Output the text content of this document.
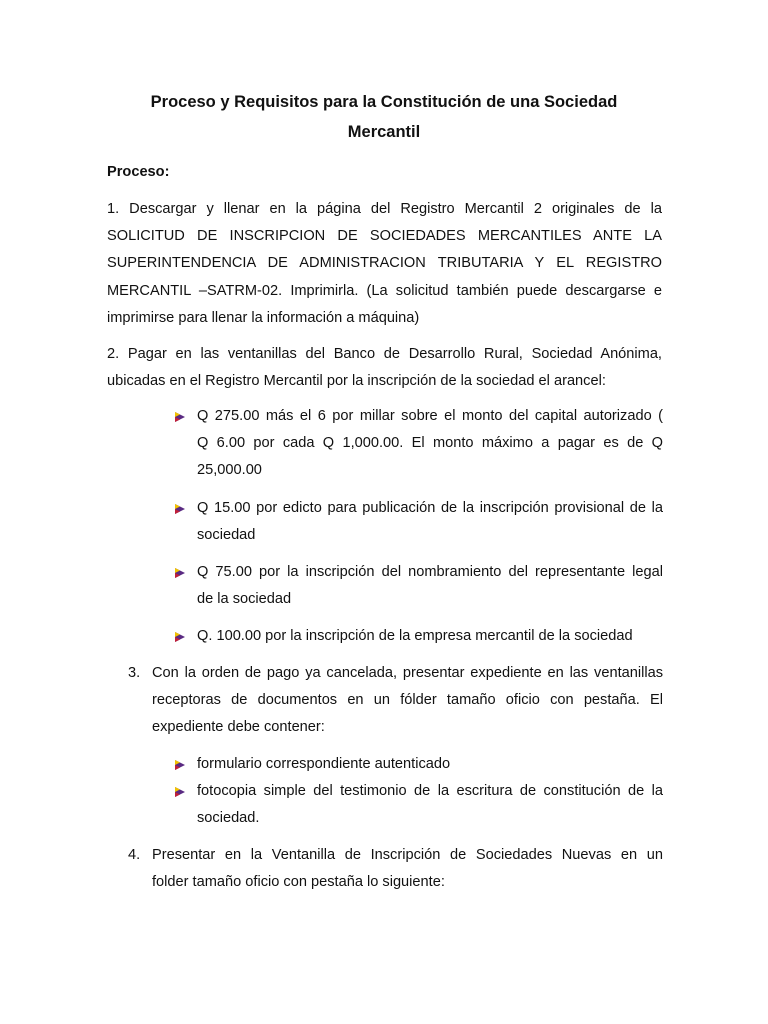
Proceso y Requisitos para la Constitución de una Sociedad
Mercantil
Proceso:
1. Descargar y llenar en la página del Registro Mercantil 2 originales de la
SOLICITUD DE INSCRIPCION DE SOCIEDADES MERCANTILES ANTE LA
SUPERINTENDENCIA DE ADMINISTRACION TRIBUTARIA Y EL REGISTRO
MERCANTIL –SATRM-02. Imprimirla. (La solicitud también puede descargarse e
imprimirse para llenar la información a máquina)
2. Pagar en las ventanillas del Banco de Desarrollo Rural, Sociedad Anónima,
ubicadas en el Registro Mercantil por la inscripción de la sociedad el arancel:
Q 275.00 más el 6 por millar sobre el monto del capital autorizado (
Q 6.00 por cada Q 1,000.00. El monto máximo a pagar es de Q
25,000.00
Q 15.00 por edicto para publicación de la inscripción provisional de la
sociedad
Q 75.00 por la inscripción del nombramiento del representante legal
de la sociedad
Q. 100.00 por la inscripción de la empresa mercantil de la sociedad
3. Con la orden de pago ya cancelada, presentar expediente en las ventanillas
receptoras de documentos en un fólder tamaño oficio con pestaña. El
expediente debe contener:
formulario correspondiente autenticado
fotocopia simple del testimonio de la escritura de constitución de la
sociedad.
4. Presentar en la Ventanilla de Inscripción de Sociedades Nuevas en un
folder tamaño oficio con pestaña lo siguiente:
